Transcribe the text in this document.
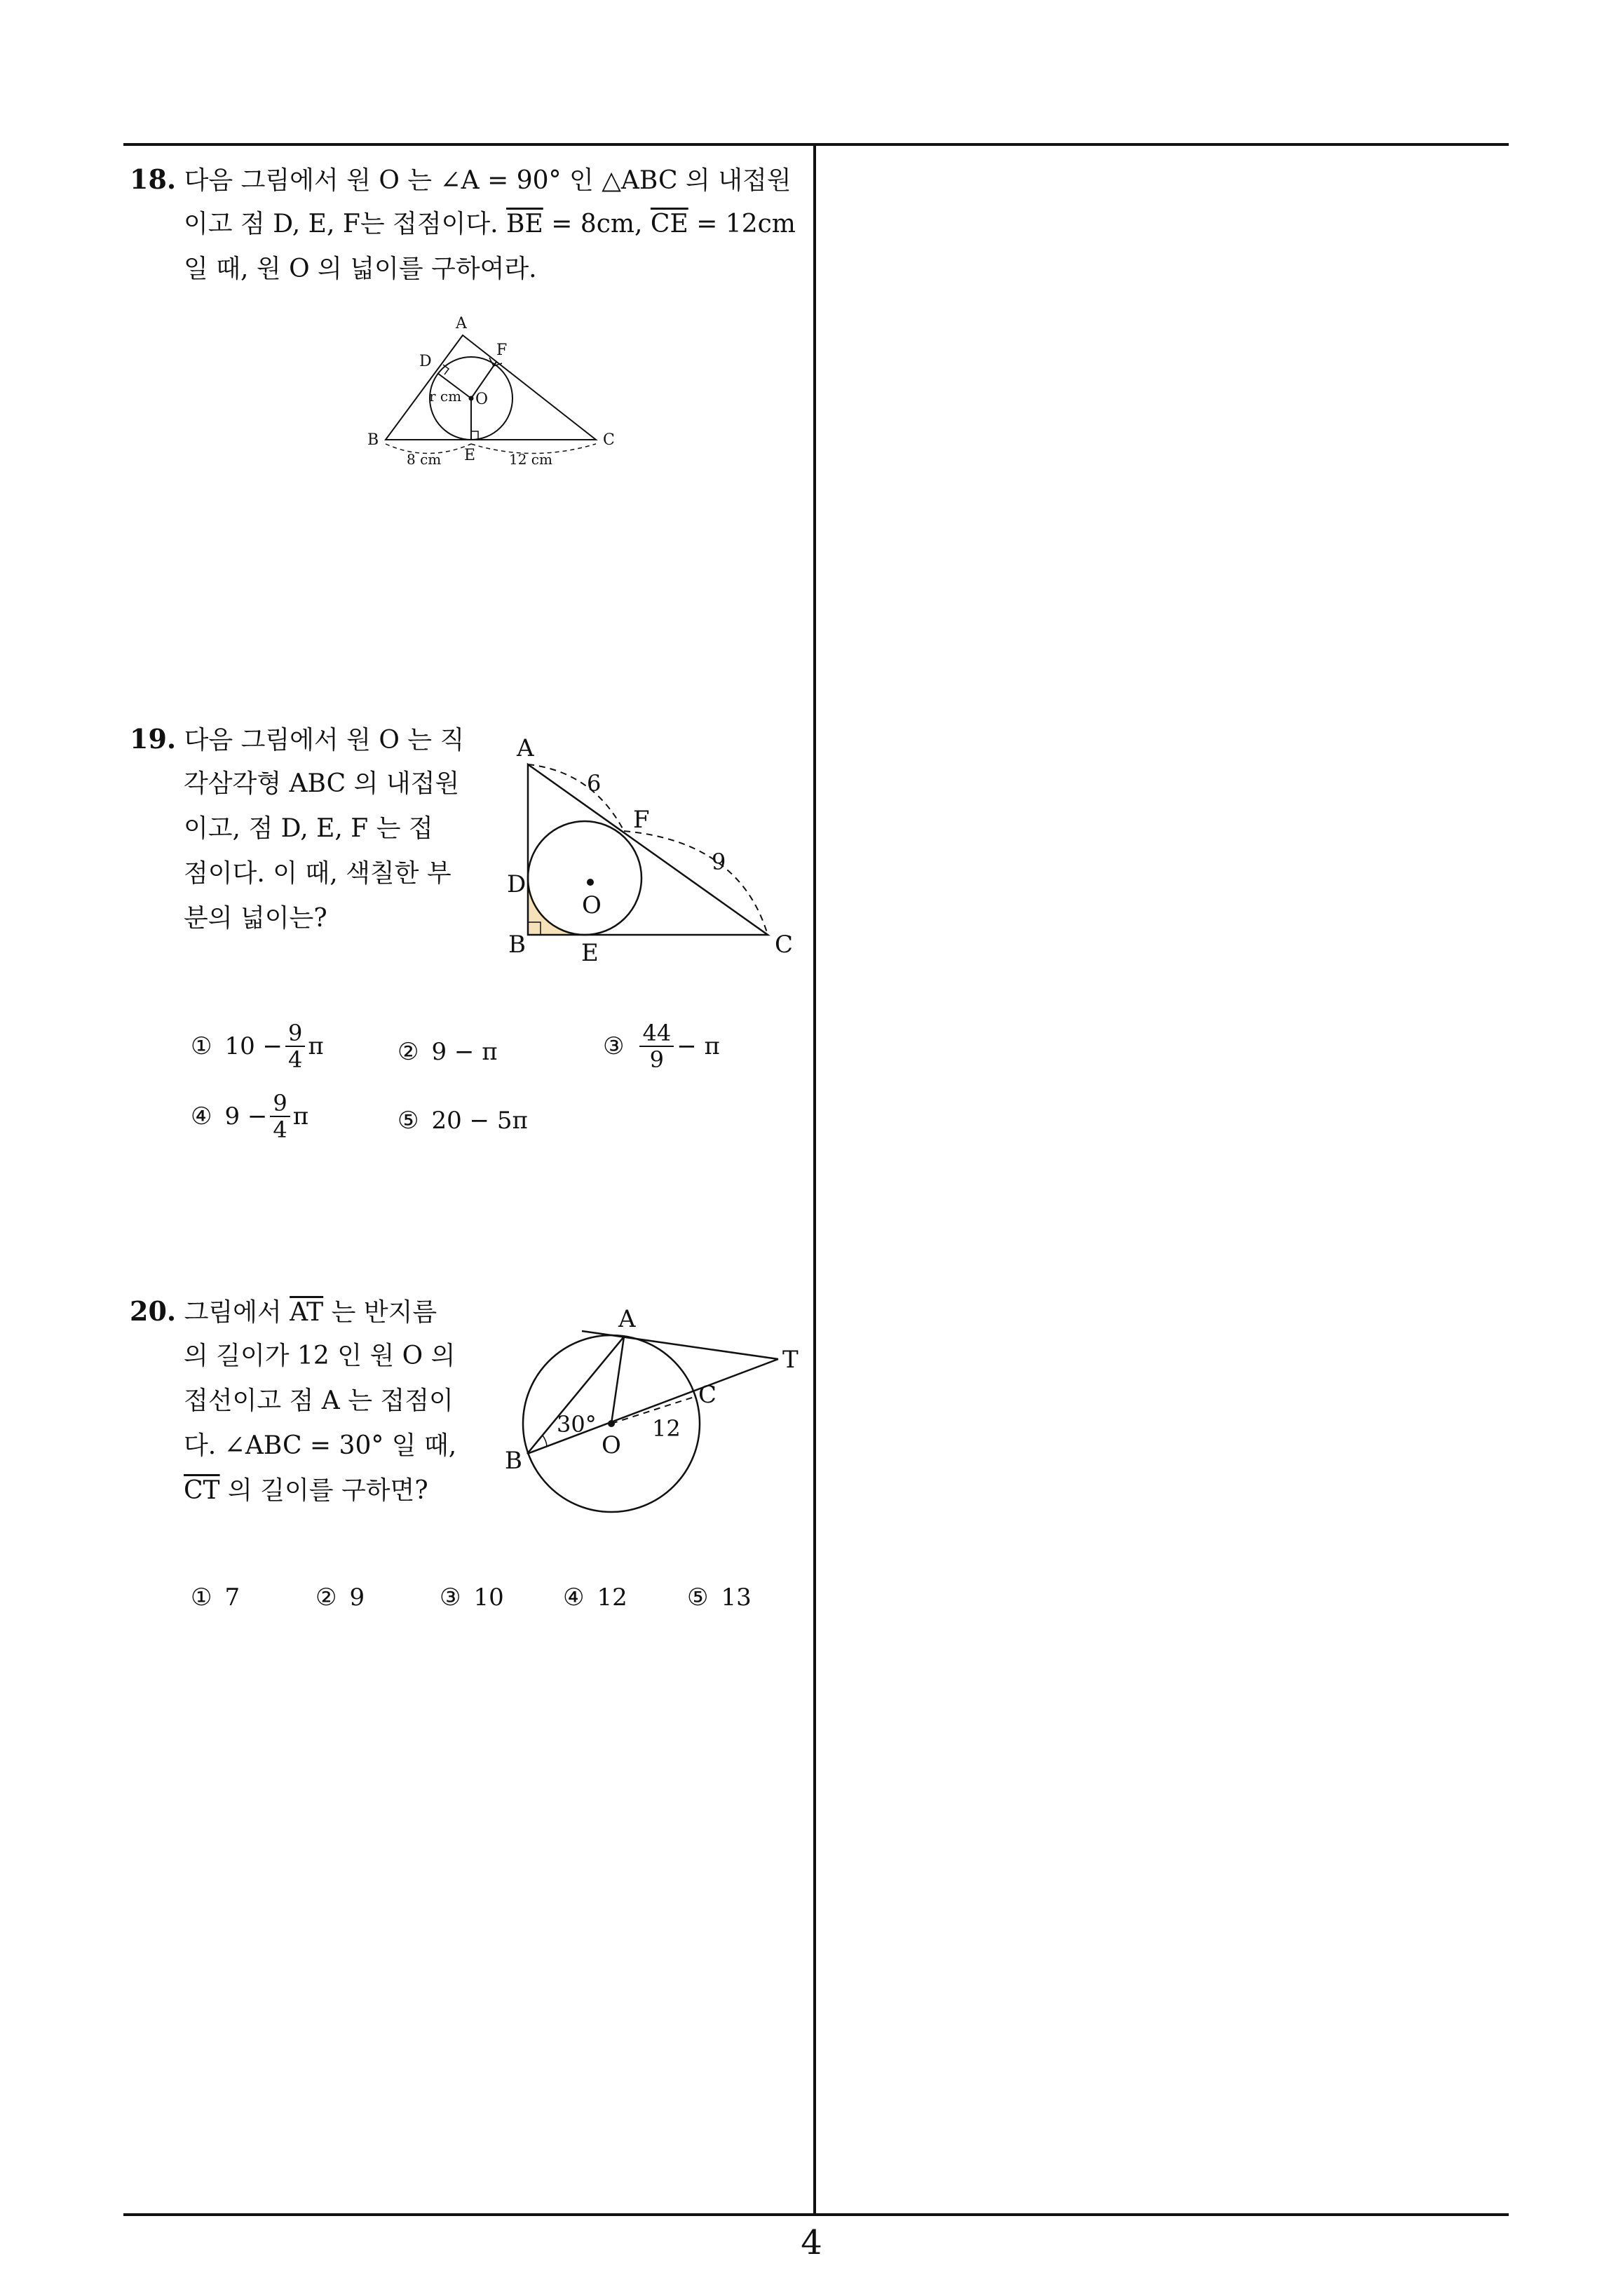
18. 다음 그림에서 원 O 는 ∠A = 90° 인 △ABC 의 내접원
이고 점 D, E, F는 접점이다. $\overline{BE} = 8cm$, $\overline{CE} = 12cm$
일 때, 원 O 의 넓이를 구하여라.
A
B	C
D
E
F
O
r cm
8 cm	12 cm
19. 다음 그림에서 원 O 는 직
각삼각형 ABC 의 내접원
이고, 점 D, E, F 는 접
점이다. 이 때, 색칠한 부
분의 넓이는?
A
B	C
D
E
F
O
6
9
① $10 - \frac{9}{4}$ π	② 9 − π	③ $\frac{44}{9} - \pi$
④ $9 - \frac{9}{4}$ π	⑤ 20 − 5π
20. 그림에서 $\overline{AT}$ 는 반지름
의 길이가 12 인 원 O 의
접선이고 점 A 는 접점이
다. ∠ABC = 30° 일 때,
$\overline{CT}$ 의 길이를 구하면?
A
B
C
O
T
30° 12
① 7	② 9	③ 10 ④ 12	⑤ 13
4
